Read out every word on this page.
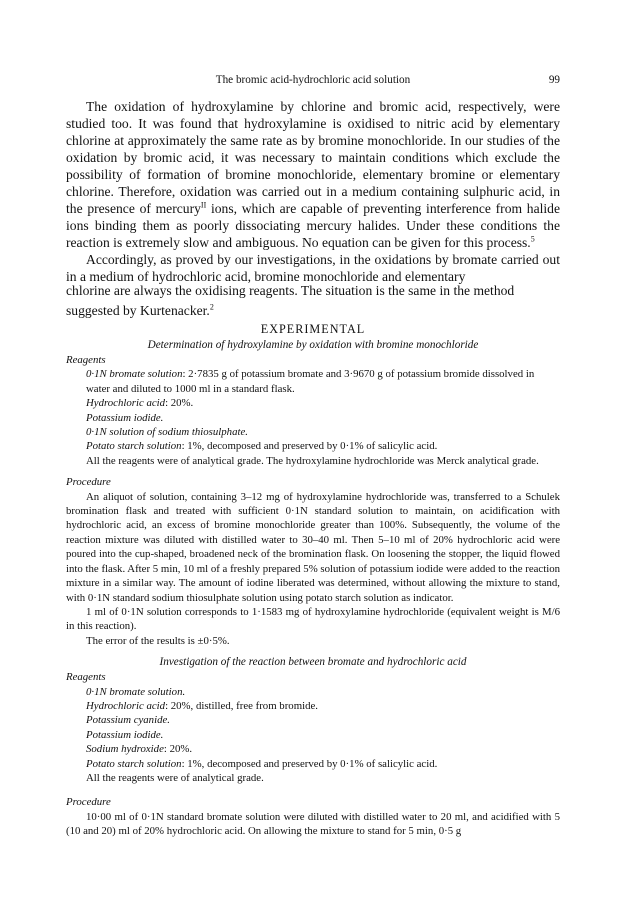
The bromic acid-hydrochloric acid solution	99

The oxidation of hydroxylamine by chlorine and bromic acid, respectively, were studied too. It was found that hydroxylamine is oxidised to nitric acid by elementary chlorine at approximately the same rate as by bromine monochloride. In our studies of the oxidation by bromic acid, it was necessary to maintain conditions which exclude the possibility of formation of bromine monochloride, elementary bromine or elementary chlorine. Therefore, oxidation was carried out in a medium containing sulphuric acid, in the presence of mercury$^{II}$ ions, which are capable of preventing interference from halide ions binding them as poorly dissociating mercury halides. Under these conditions the reaction is extremely slow and ambiguous. No equation can be given for this process.$^5$

Accordingly, as proved by our investigations, in the oxidations by bromate carried out in a medium of hydrochloric acid, bromine monochloride and elementary

chlorine are always the oxidising reagents. The situation is the same in the method

suggested by Kurtenacker.$^2$

EXPERIMENTAL
Determination of hydroxylamine by oxidation with bromine monochloride
Reagents

0·1N bromate solution: 2·7835 g of potassium bromate and 3·9670 g of potassium bromide dissolved in water and diluted to 1000 ml in a standard flask.

Hydrochloric acid: 20%.

Potassium iodide.

0·1N solution of sodium thiosulphate.

Potato starch solution: 1%, decomposed and preserved by 0·1% of salicylic acid.

All the reagents were of analytical grade. The hydroxylamine hydrochloride was Merck analytical grade.

Procedure

An aliquot of solution, containing 3–12 mg of hydroxylamine hydrochloride was, transferred to a Schulek bromination flask and treated with sufficient 0·1N standard solution to maintain, on acidification with hydrochloric acid, an excess of bromine monochloride greater than 100%. Subsequently, the volume of the reaction mixture was diluted with distilled water to 30–40 ml. Then 5–10 ml of 20% hydrochloric acid were poured into the cup-shaped, broadened neck of the bromination flask. On loosening the stopper, the liquid flowed into the flask. After 5 min, 10 ml of a freshly prepared 5% solution of potassium iodide were added to the reaction mixture in a similar way. The amount of iodine liberated was determined, without allowing the mixture to stand, with 0·1N standard sodium thiosulphate solution using potato starch solution as indicator.

1 ml of 0·1N solution corresponds to 1·1583 mg of hydroxylamine hydrochloride (equivalent weight is M/6 in this reaction).

The error of the results is ±0·5%.

Investigation of the reaction between bromate and hydrochloric acid
Reagents

0·1N bromate solution.

Hydrochloric acid: 20%, distilled, free from bromide.

Potassium cyanide.

Potassium iodide.

Sodium hydroxide: 20%.

Potato starch solution: 1%, decomposed and preserved by 0·1% of salicylic acid.

All the reagents were of analytical grade.

Procedure

10·00 ml of 0·1N standard bromate solution were diluted with distilled water to 20 ml, and acidified with 5 (10 and 20) ml of 20% hydrochloric acid. On allowing the mixture to stand for 5 min, 0·5 g
